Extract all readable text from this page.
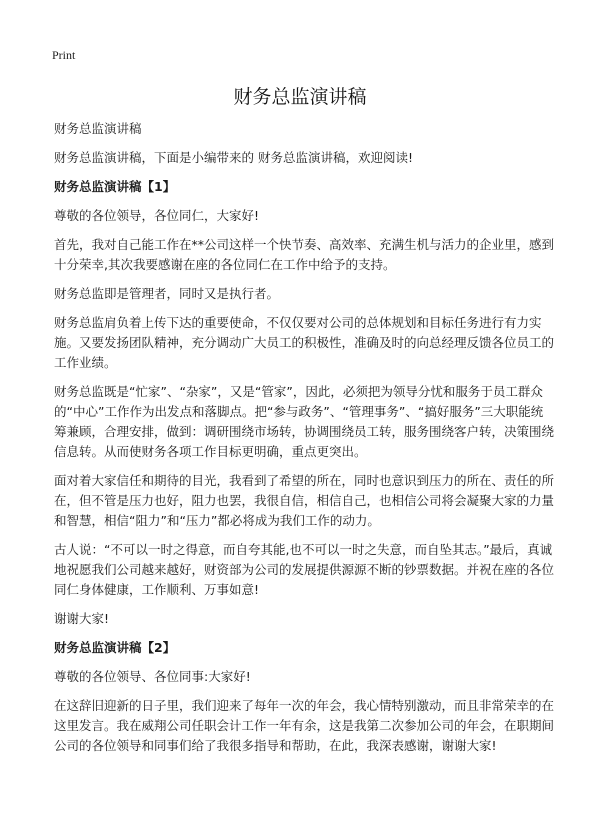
Print
财务总监演讲稿

财务总监演讲稿

财务总监演讲稿，下面是小编带来的 财务总监演讲稿，欢迎阅读!

财务总监演讲稿【1】

尊敬的各位领导，各位同仁，大家好!

首先，我对自己能工作在**公司这样一个快节奏、高效率、充满生机与活力的企业里，感到十分荣幸,其次我要感谢在座的各位同仁在工作中给予的支持。

财务总监即是管理者，同时又是执行者。

财务总监肩负着上传下达的重要使命，不仅仅要对公司的总体规划和目标任务进行有力实施。又要发扬团队精神，充分调动广大员工的积极性，准确及时的向总经理反馈各位员工的工作业绩。

财务总监既是“忙家”、“杂家”，又是“管家”，因此，必须把为领导分忧和服务于员工群众的“中心”工作作为出发点和落脚点。把“参与政务”、“管理事务”、“搞好服务”三大职能统筹兼顾，合理安排，做到：调研围绕市场转，协调围绕员工转，服务围绕客户转，决策围绕信息转。从而使财务各项工作目标更明确，重点更突出。

面对着大家信任和期待的目光，我看到了希望的所在，同时也意识到压力的所在、责任的所在，但不管是压力也好，阻力也罢，我很自信，相信自己，也相信公司将会凝聚大家的力量和智慧，相信“阻力”和“压力”都必将成为我们工作的动力。

古人说：“不可以一时之得意，而自夸其能,也不可以一时之失意，而自坠其志。”最后，真诚地祝愿我们公司越来越好，财资部为公司的发展提供源源不断的钞票数据。并祝在座的各位同仁身体健康，工作顺利、万事如意!

谢谢大家!

财务总监演讲稿【2】

尊敬的各位领导、各位同事:大家好!

在这辞旧迎新的日子里，我们迎来了每年一次的年会，我心情特别激动，而且非常荣幸的在这里发言。我在威翔公司任职会计工作一年有余，这是我第二次参加公司的年会，在职期间公司的各位领导和同事们给了我很多指导和帮助，在此，我深表感谢，谢谢大家!
